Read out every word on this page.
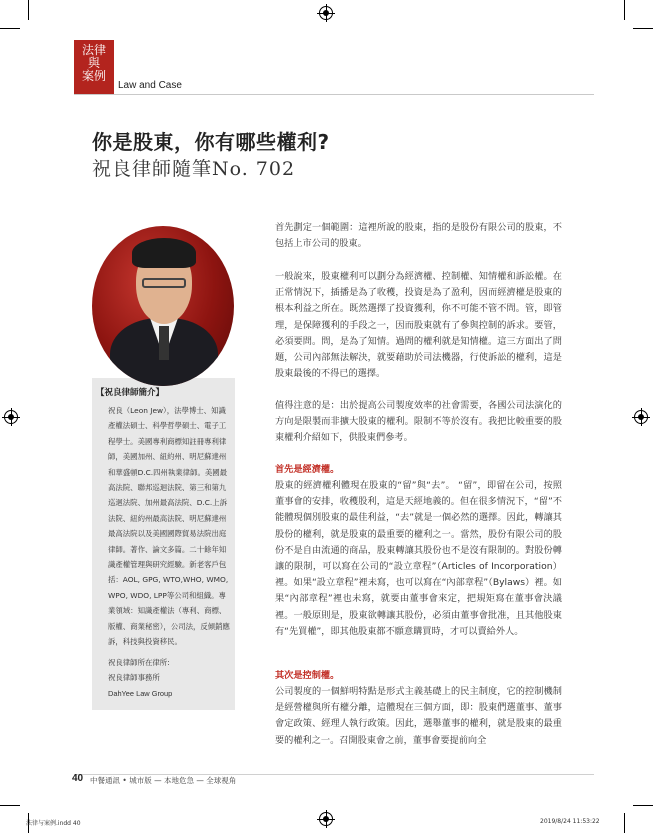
法律
與
案例
Law and Case
你是股東，你有哪些權利?
祝良律師隨筆No. 702
【祝良律師簡介】
祝良（Leon Jew），法學博士、知識產權法碩士、科學哲學碩士、電子工程學士。美國專利商標知註冊專利律師，美國加州、紐約州、明尼蘇達州和華盛頓D.C.四州執業律師。美國最高法院、聯邦巡迴法院、第三和第九巡迴法院、加州最高法院、D.C.上訴法院、紐約州最高法院、明尼蘇達州最高法院以及美國國際貿易法院出庭律師。著作、論文多篇。二十餘年知識產權管理與研究經驗。新老客戶包括：AOL, GPG, WTO,WHO, WMO, WPO, WDO, LPP等公司和組織。專業領域：知識產權法（專利、商標、版權、商業秘密），公司法，反傾銷應訴，科技與投資移民。
祝良律師所在律所:
祝良律師事務所
DahYee Law Group

首先劃定一個範圍：這裡所說的股東，指的是股份有限公司的股東，不包括上市公司的股東。

一般說來，股東權利可以劃分為經濟權、控制權、知情權和訴訟權。在正常情況下，插播是為了收穫，投資是為了盈利，因而經濟權是股東的根本利益之所在。既然選擇了投資獲利，你不可能不管不問。管，即管理，是保障獲利的手段之一，因而股東就有了參與控制的訴求。要管，必須要問。問，是為了知情。過問的權利就是知情權。這三方面出了問題，公司內部無法解決，就要藉助於司法機器，行使訴訟的權利，這是股東最後的不得已的選擇。

值得注意的是：出於提高公司製度效率的社會需要，各國公司法演化的方向是限製而非擴大股東的權利。限制不等於沒有。我把比較重要的股東權利介紹如下，供股東們參考。

首先是經濟權。

股東的經濟權利體現在股東的“留”與“去”。 “留”，即留在公司，按照董事會的安排，收穫股利，這是天經地義的。但在很多情況下，“留”不能體現個別股東的最佳利益，“去”就是一個必然的選擇。因此，轉讓其股份的權利，就是股東的最重要的權利之一。當然，股份有限公司的股份不是自由流通的商品，股東轉讓其股份也不是沒有限制的。對股份轉讓的限制，可以寫在公司的“設立章程”（Articles of Incorporation）裡。如果“設立章程”裡未寫，也可以寫在“內部章程”（Bylaws）裡。如果“內部章程”裡也未寫，就要由董事會來定，把規矩寫在董事會決議裡。一般原則是，股東欲轉讓其股份，必須由董事會批准，且其他股東有“先買權”，即其他股東都不願意購買時，才可以賣給外人。

其次是控制權。

公司製度的一個鮮明特點是形式主義基礎上的民主制度，它的控制機制是經營權與所有權分離，這體現在三個方面，即：股東們選董事、董事會定政策、經理人執行政策。因此，選舉董事的權利，就是股東的最重要的權利之一。召開股東會之前，董事會要提前向全

40 中餐通訊 • 城市版 — 本地危急 — 全球視角
法律与案例.indd 40	2019/8/24 11:53:22
